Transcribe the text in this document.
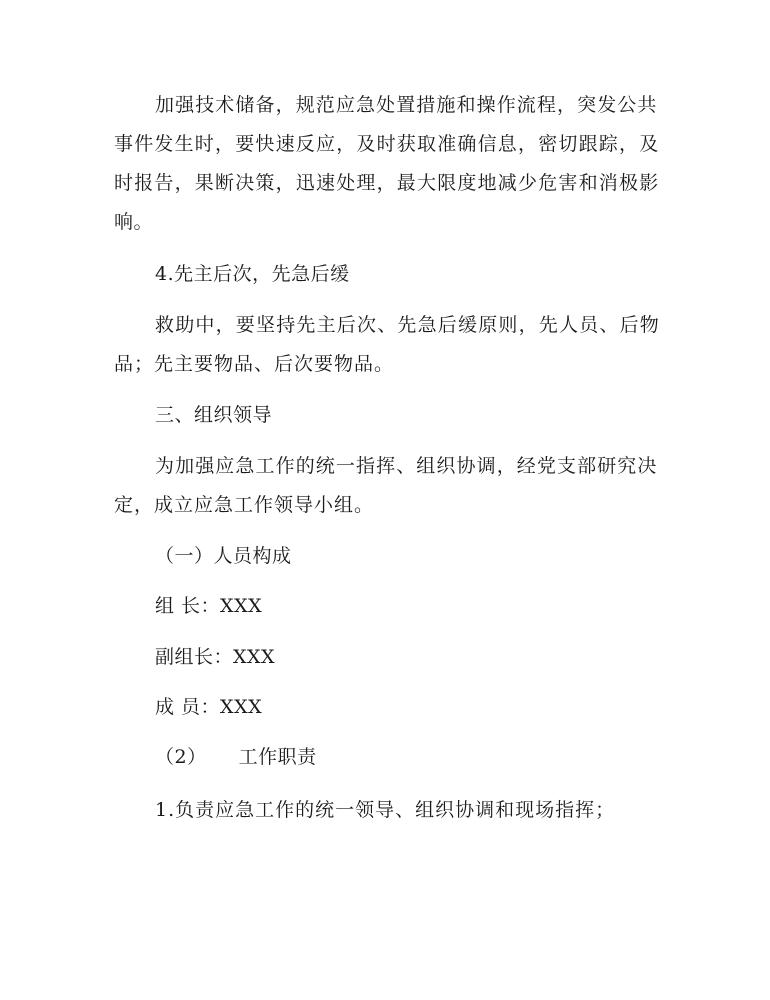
加强技术储备，规范应急处置措施和操作流程，突发公共
事件发生时，要快速反应，及时获取准确信息，密切跟踪，及
时报告，果断决策，迅速处理，最大限度地减少危害和消极影
响。
4.先主后次，先急后缓
救助中，要坚持先主后次、先急后缓原则，先人员、后物
品；先主要物品、后次要物品。
三、组织领导
为加强应急工作的统一指挥、组织协调，经党支部研究决
定，成立应急工作领导小组。
（一）人员构成
组 长：XXX
副组长：XXX
成 员：XXX
（2） 工作职责
1.负责应急工作的统一领导、组织协调和现场指挥；
